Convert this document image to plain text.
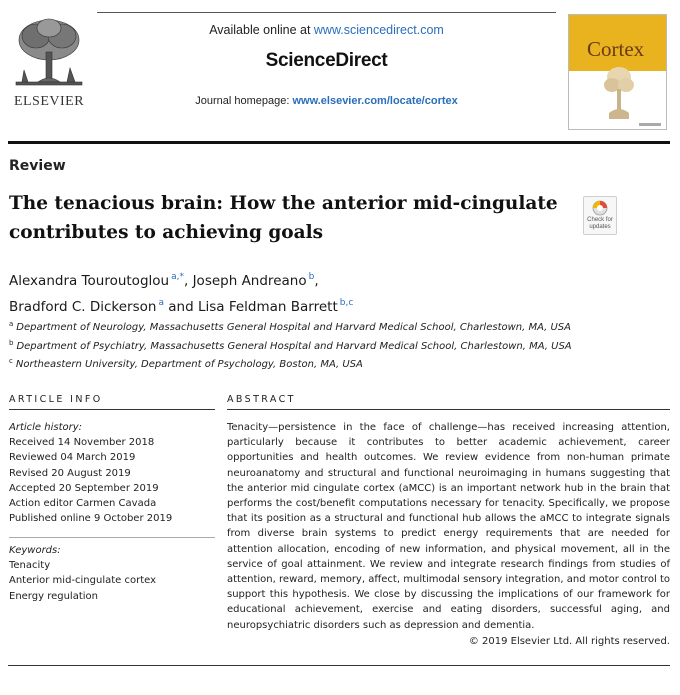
ELSEVIER
Available online at www.sciencedirect.com
ScienceDirect
Journal homepage: www.elsevier.com/locate/cortex
Cortex
Review
The tenacious brain: How the anterior mid-cingulate contributes to achieving goals
Check for
updates
Alexandra Touroutoglou $^{a,*}$, Joseph Andreano $^b$,
Bradford C. Dickerson $^a$ and Lisa Feldman Barrett $^{b,c}$
$^a$ Department of Neurology, Massachusetts General Hospital and Harvard Medical School, Charlestown, MA, USA
$^b$ Department of Psychiatry, Massachusetts General Hospital and Harvard Medical School, Charlestown, MA, USA
$^c$ Northeastern University, Department of Psychology, Boston, MA, USA
ARTICLE INFO	ABSTRACT
Article history:
Received 14 November 2018
Reviewed 04 March 2019
Revised 20 August 2019
Accepted 20 September 2019
Action editor Carmen Cavada
Published online 9 October 2019
Keywords:
Tenacity
Anterior mid-cingulate cortex
Energy regulation
Tenacity—persistence in the face of challenge—has received increasing attention, particularly because it contributes to better academic achievement, career opportunities and health outcomes. We review evidence from non-human primate neuroanatomy and structural and functional neuroimaging in humans suggesting that the anterior mid cingulate cortex (aMCC) is an important network hub in the brain that performs the cost/benefit computations necessary for tenacity. Specifically, we propose that its position as a structural and functional hub allows the aMCC to integrate signals from diverse brain systems to predict energy requirements that are needed for attention allocation, encoding of new information, and physical movement, all in the service of goal attainment. We review and integrate research findings from studies of attention, reward, memory, affect, multimodal sensory integration, and motor control to support this hypothesis. We close by discussing the implications of our framework for educational achievement, exercise and eating disorders, successful aging, and neuropsychiatric disorders such as depression and dementia.
© 2019 Elsevier Ltd. All rights reserved.
